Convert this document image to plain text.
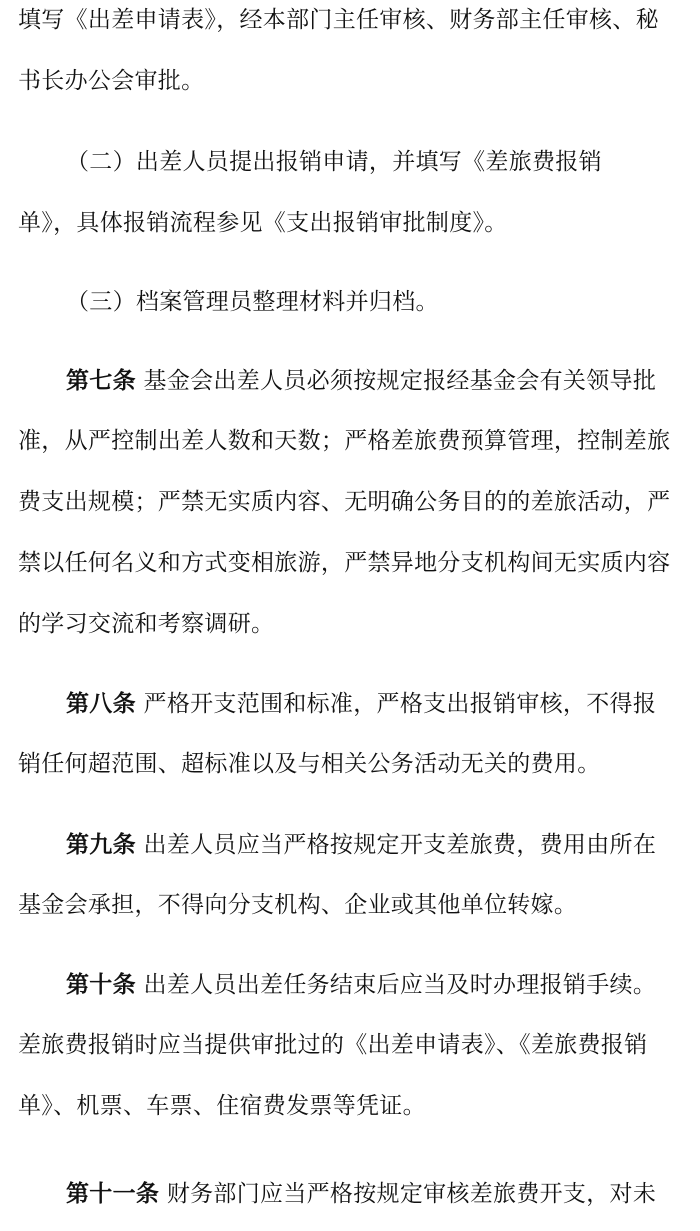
填写《出差申请表》，经本部门主任审核、财务部主任审核、秘
书长办公会审批。
（二）出差人员提出报销申请，并填写《差旅费报销
单》，具体报销流程参见《支出报销审批制度》。
（三）档案管理员整理材料并归档。
第七条 基金会出差人员必须按规定报经基金会有关领导批
准，从严控制出差人数和天数；严格差旅费预算管理，控制差旅
费支出规模；严禁无实质内容、无明确公务目的的差旅活动，严
禁以任何名义和方式变相旅游，严禁异地分支机构间无实质内容
的学习交流和考察调研。
第八条 严格开支范围和标准，严格支出报销审核，不得报
销任何超范围、超标准以及与相关公务活动无关的费用。
第九条 出差人员应当严格按规定开支差旅费，费用由所在
基金会承担，不得向分支机构、企业或其他单位转嫁。
第十条 出差人员出差任务结束后应当及时办理报销手续。
差旅费报销时应当提供审批过的《出差申请表》、《差旅费报销
单》、机票、车票、住宿费发票等凭证。
第十一条 财务部门应当严格按规定审核差旅费开支，对未
